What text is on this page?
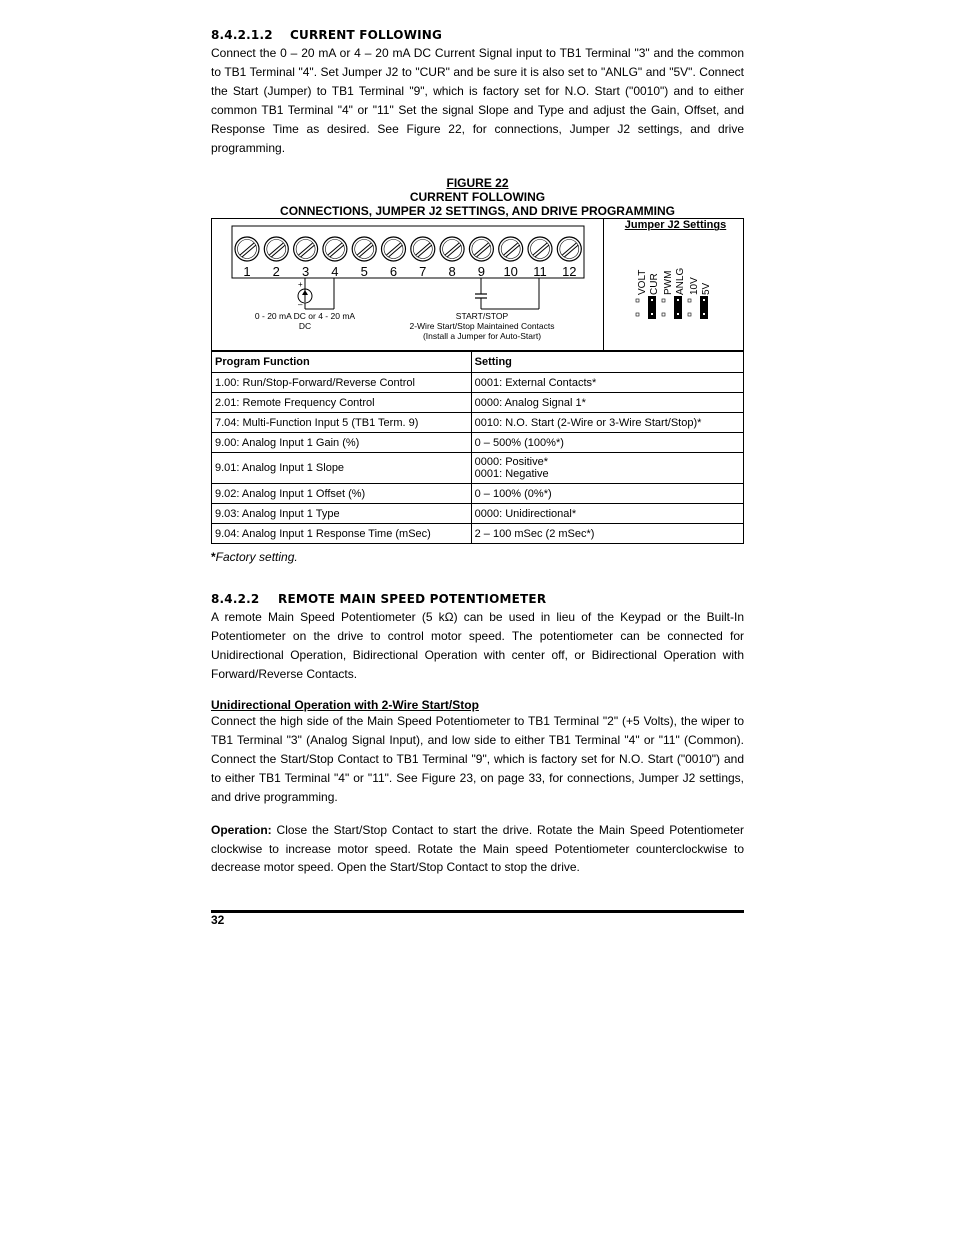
8.4.2.1.2 CURRENT FOLLOWING

Connect the 0 – 20 mA or 4 – 20 mA DC Current Signal input to TB1 Terminal "3" and the common to TB1 Terminal "4". Set Jumper J2 to "CUR" and be sure it is also set to "ANLG" and "5V". Connect the Start (Jumper) to TB1 Terminal "9", which is factory set for N.O. Start ("0010") and to either common TB1 Terminal "4" or "11" Set the signal Slope and Type and adjust the Gain, Offset, and Response Time as desired. See Figure 22, for connections, Jumper J2 settings, and drive programming.

FIGURE 22
CURRENT FOLLOWING
CONNECTIONS, JUMPER J2 SETTINGS, AND DRIVE PROGRAMMING
1 2 3 4 5 6 7 8 9 10 11 12
+
–
0 - 20 mA DC or 4 - 20 mA DC
START/STOP
2-Wire Start/Stop Maintained Contacts
(Install a Jumper for Auto-Start)
Jumper J2 Settings
VOLT CUR PWM ANLG 10V 5V
Program Function	Setting
1.00: Run/Stop-Forward/Reverse Control	0001: External Contacts*
2.01: Remote Frequency Control	0000: Analog Signal 1*
7.04: Multi-Function Input 5 (TB1 Term. 9)	0010: N.O. Start (2-Wire or 3-Wire Start/Stop)*
9.00: Analog Input 1 Gain (%)	0 – 500% (100%*)
9.01: Analog Input 1 Slope	0000: Positive*
0001: Negative

9.02: Analog Input 1 Offset (%)	0 – 100% (0%*)
9.03: Analog Input 1 Type	0000: Unidirectional*
9.04: Analog Input 1 Response Time (mSec)	2 – 100 mSec (2 mSec*)
*Factory setting.
8.4.2.2 REMOTE MAIN SPEED POTENTIOMETER

A remote Main Speed Potentiometer (5 kΩ) can be used in lieu of the Keypad or the Built-In Potentiometer on the drive to control motor speed. The potentiometer can be connected for Unidirectional Operation, Bidirectional Operation with center off, or Bidirectional Operation with Forward/Reverse Contacts.

Unidirectional Operation with 2-Wire Start/Stop

Connect the high side of the Main Speed Potentiometer to TB1 Terminal "2" (+5 Volts), the wiper to TB1 Terminal "3" (Analog Signal Input), and low side to either TB1 Terminal "4" or "11" (Common). Connect the Start/Stop Contact to TB1 Terminal "9", which is factory set for N.O. Start ("0010") and to either TB1 Terminal "4" or "11". See Figure 23, on page 33, for connections, Jumper J2 settings, and drive programming.

Operation: Close the Start/Stop Contact to start the drive. Rotate the Main Speed Potentiometer clockwise to increase motor speed. Rotate the Main speed Potentiometer counterclockwise to decrease motor speed. Open the Start/Stop Contact to stop the drive.

32
